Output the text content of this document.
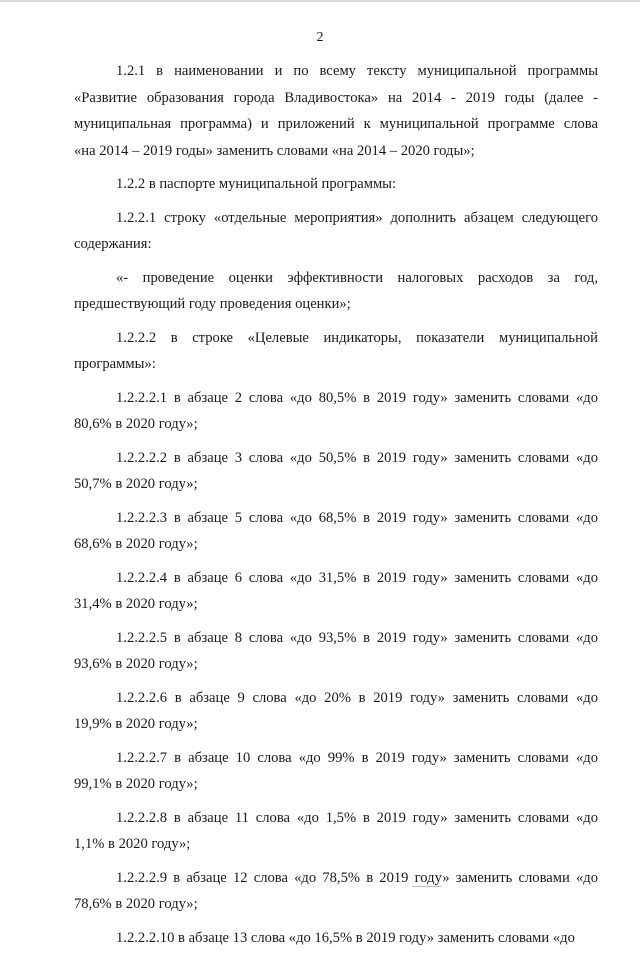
2

1.2.1 в наименовании и по всему тексту муниципальной программы
«Развитие образования города Владивостока» на 2014 - 2019 годы (далее -
муниципальная программа) и приложений к муниципальной программе слова
«на 2014 – 2019 годы» заменить словами «на 2014 – 2020 годы»;

1.2.2 в паспорте муниципальной программы:

1.2.2.1 строку «отдельные мероприятия» дополнить абзацем следующего
содержания:

«- проведение оценки эффективности налоговых расходов за год,
предшествующий году проведения оценки»;

1.2.2.2 в строке «Целевые индикаторы, показатели муниципальной
программы»:

1.2.2.2.1 в абзаце 2 слова «до 80,5% в 2019 году» заменить словами «до
80,6% в 2020 году»;

1.2.2.2.2 в абзаце 3 слова «до 50,5% в 2019 году» заменить словами «до
50,7% в 2020 году»;

1.2.2.2.3 в абзаце 5 слова «до 68,5% в 2019 году» заменить словами «до
68,6% в 2020 году»;

1.2.2.2.4 в абзаце 6 слова «до 31,5% в 2019 году» заменить словами «до
31,4% в 2020 году»;

1.2.2.2.5 в абзаце 8 слова «до 93,5% в 2019 году» заменить словами «до
93,6% в 2020 году»;

1.2.2.2.6 в абзаце 9 слова «до 20% в 2019 году» заменить словами «до
19,9% в 2020 году»;

1.2.2.2.7 в абзаце 10 слова «до 99% в 2019 году» заменить словами «до
99,1% в 2020 году»;

1.2.2.2.8 в абзаце 11 слова «до 1,5% в 2019 году» заменить словами «до
1,1% в 2020 году»;

1.2.2.2.9 в абзаце 12 слова «до 78,5% в 2019 году» заменить словами «до
78,6% в 2020 году»;

1.2.2.2.10 в абзаце 13 слова «до 16,5% в 2019 году» заменить словами «до
